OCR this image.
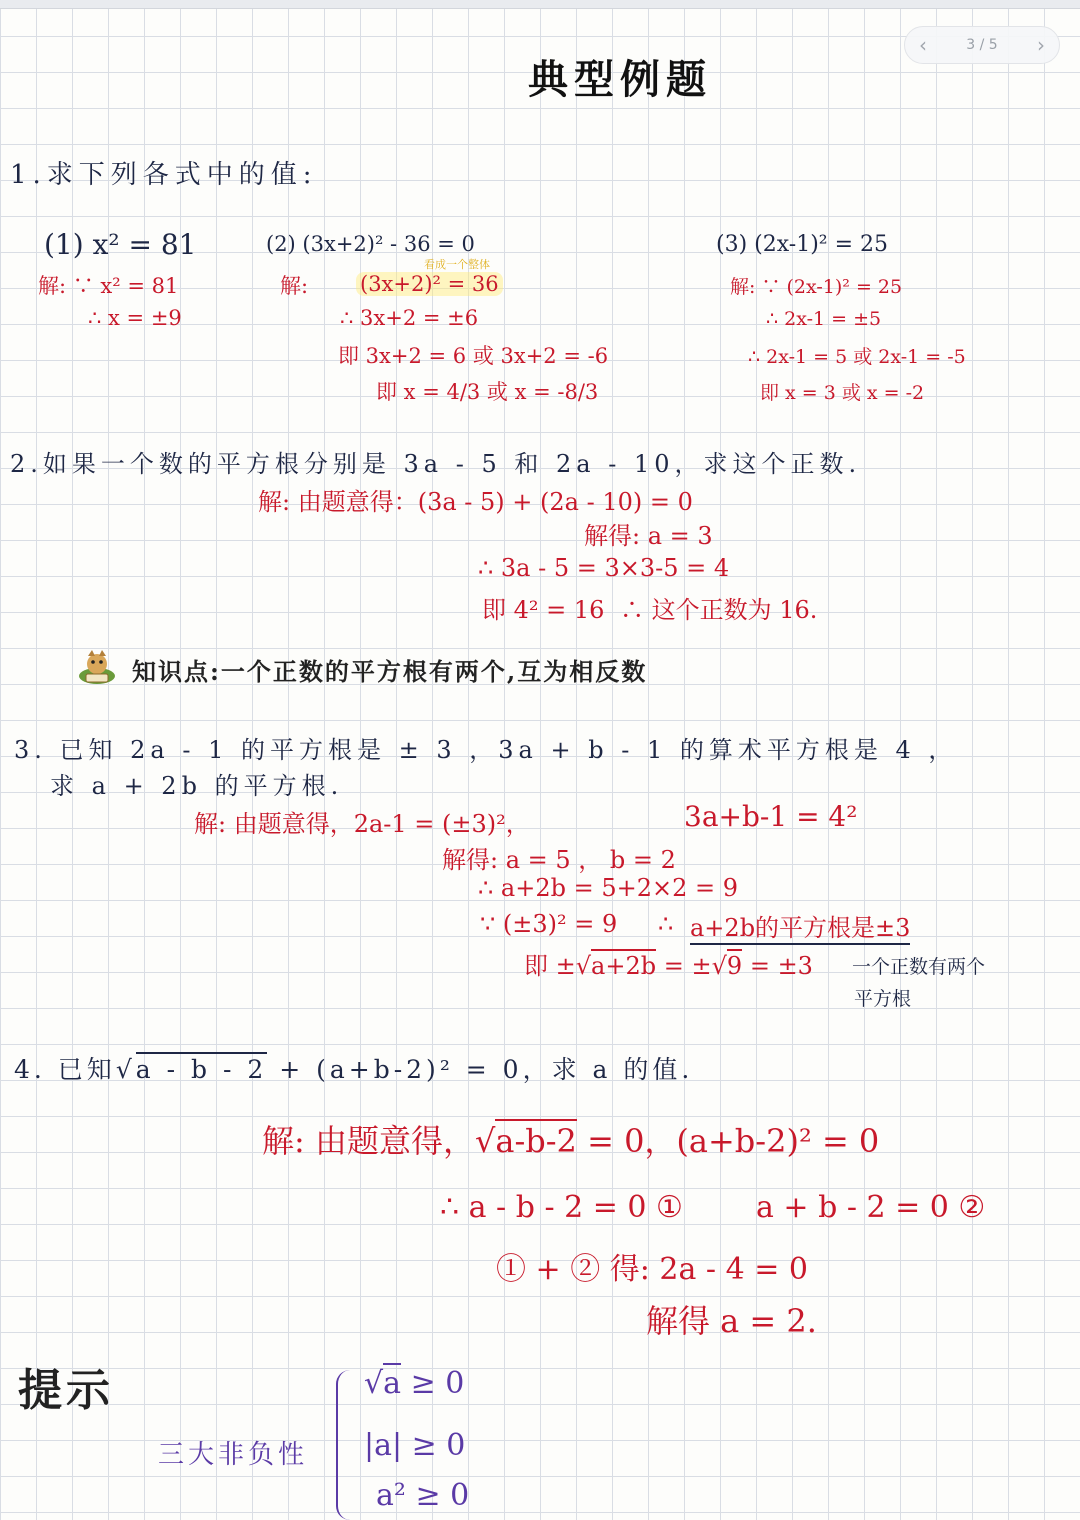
‹	3 / 5 ›
典型例题
1.求下列各式中的值:
(1) x² = 81
解: ∵ x² = 81
∴ x = ±9
(2) (3x+2)² - 36 = 0
看成一个整体
解: (3x+2)² = 36
∴ 3x+2 = ±6
即 3x+2 = 6 或 3x+2 = -6
即 x = 4/3 或 x = -8/3
(3) (2x-1)² = 25
解: ∵ (2x-1)² = 25
∴ 2x-1 = ±5
∴ 2x-1 = 5 或 2x-1 = -5
即 x = 3 或 x = -2
2.如果一个数的平方根分别是 3a - 5 和 2a - 10，求这个正数.
解: 由题意得：(3a - 5) + (2a - 10) = 0
解得: a = 3
∴ 3a - 5 = 3×3-5 = 4
即 4² = 16 ∴ 这个正数为 16.
知识点:一个正数的平方根有两个,互为相反数
3. 已知 2a - 1 的平方根是 ± 3 ，3a + b - 1 的算术平方根是 4 ，
求 a + 2b 的平方根.
解: 由题意得，2a-1 = (±3)²，	3a+b-1 = 4²
解得: a = 5 ， b = 2
∴ a+2b = 5+2×2 = 9
∵ (±3)² = 9 ∴ a+2b的平方根是±3
即 ±√a+2b = ±√9 = ±3 一个正数有两个
平方根
4. 已知√a - b - 2 + (a+b-2)² = 0，求 a 的值.
解: 由题意得，√a-b-2 = 0，(a+b-2)² = 0
∴ a - b - 2 = 0 ① a + b - 2 = 0 ②
① + ② 得: 2a - 4 = 0
解得 a = 2.
提示
三大非负性
√a ≥ 0
|a| ≥ 0
a² ≥ 0
